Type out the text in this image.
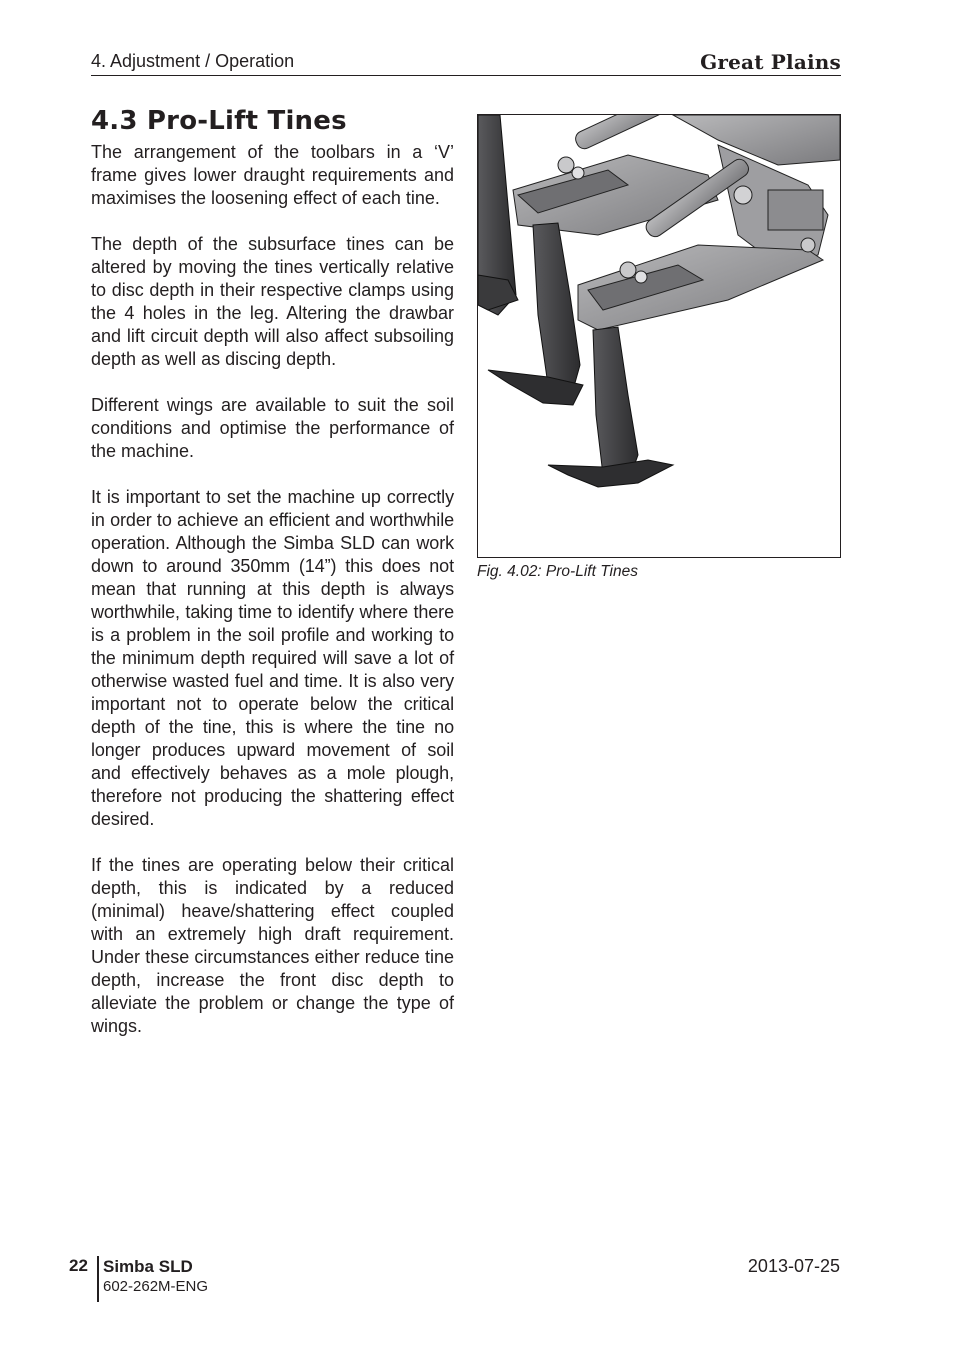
4. Adjustment / Operation	Great Plains
4.3 Pro-Lift Tines

The arrangement of the toolbars in a ‘V’ frame gives lower draught requirements and maximises the loosening effect of each tine.

The depth of the subsurface tines can be altered by moving the tines vertically relative to disc depth in their respective clamps using the 4 holes in the leg. Altering the drawbar and lift circuit depth will also affect subsoiling depth as well as discing depth.

Different wings are available to suit the soil conditions and optimise the performance of the machine.

It is important to set the machine up correctly in order to achieve an efficient and worthwhile operation. Although the Simba SLD can work down to around 350mm (14”) this does not mean that running at this depth is always worthwhile, taking time to identify where there is a problem in the soil profile and working to the minimum depth required will save a lot of otherwise wasted fuel and time. It is also very important not to operate below the critical depth of the tine, this is where the tine no longer produces upward movement of soil and effectively behaves as a mole plough, therefore not producing the shattering effect desired.

If the tines are operating below their critical depth, this is indicated by a reduced (minimal) heave/shattering effect coupled with an extremely high draft requirement. Under these circumstances either reduce tine depth, increase the front disc depth to alleviate the problem or change the type of wings.

Fig. 4.02: Pro-Lift Tines
22 Simba SLD
602-262M-ENG
2013-07-25
